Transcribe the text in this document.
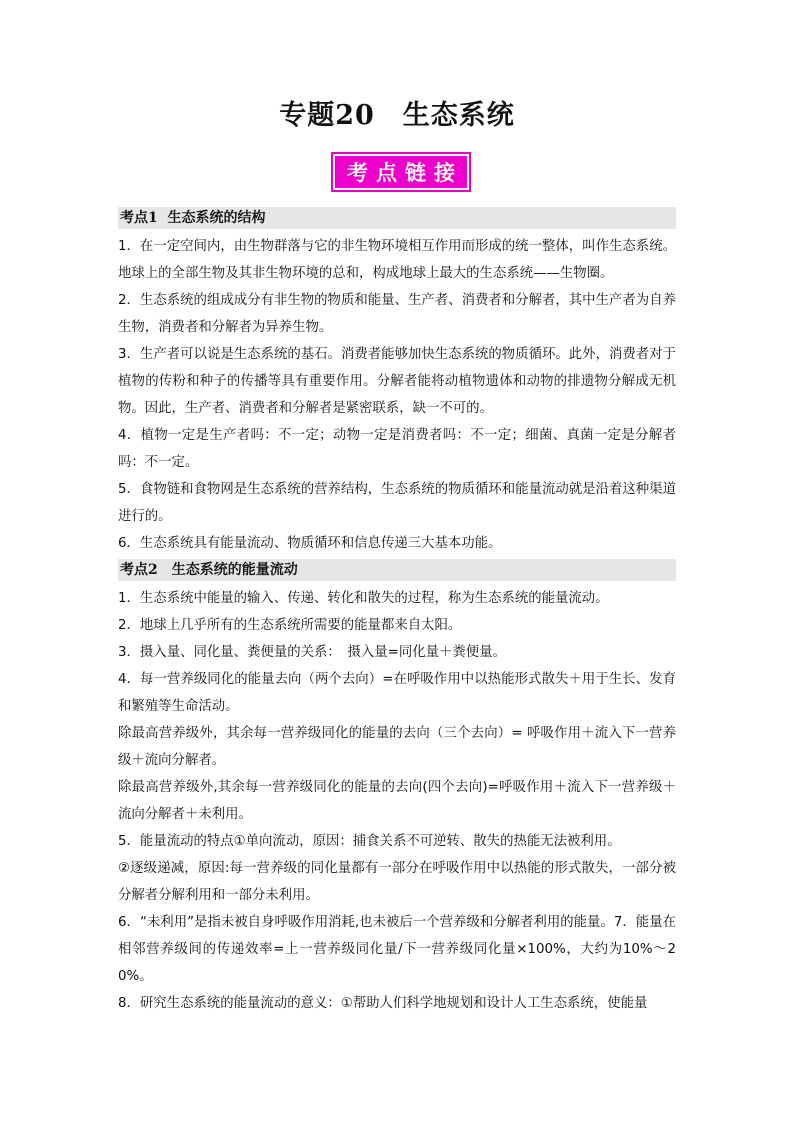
专题20　生态系统
考点链接
考点1  生态系统的结构
1．在一定空间内，由生物群落与它的非生物环境相互作用而形成的统一整体，叫作生态系统。地球上的全部生物及其非生物环境的总和，构成地球上最大的生态系统——生物圈。
2．生态系统的组成成分有非生物的物质和能量、生产者、消费者和分解者，其中生产者为自养生物，消费者和分解者为异养生物。
3．生产者可以说是生态系统的基石。消费者能够加快生态系统的物质循环。此外，消费者对于植物的传粉和种子的传播等具有重要作用。分解者能将动植物遗体和动物的排遗物分解成无机物。因此，生产者、消费者和分解者是紧密联系，缺一不可的。
4．植物一定是生产者吗：不一定；动物一定是消费者吗：不一定；细菌、真菌一定是分解者吗：不一定。
5．食物链和食物网是生态系统的营养结构，生态系统的物质循环和能量流动就是沿着这种渠道进行的。
6．生态系统具有能量流动、物质循环和信息传递三大基本功能。
考点2　生态系统的能量流动
1．生态系统中能量的输入、传递、转化和散失的过程，称为生态系统的能量流动。
2．地球上几乎所有的生态系统所需要的能量都来自太阳。
3．摄入量、同化量、粪便量的关系：　摄入量=同化量＋粪便量。
4．每一营养级同化的能量去向（两个去向）=在呼吸作用中以热能形式散失＋用于生长、发育和繁殖等生命活动。
除最高营养级外，其余每一营养级同化的能量的去向（三个去向）= 呼吸作用＋流入下一营养级＋流向分解者。
除最高营养级外,其余每一营养级同化的能量的去向(四个去向)=呼吸作用＋流入下一营养级＋流向分解者＋未利用。
5．能量流动的特点①单向流动，原因：捕食关系不可逆转、散失的热能无法被利用。
②逐级递减，原因:每一营养级的同化量都有一部分在呼吸作用中以热能的形式散失，一部分被分解者分解利用和一部分未利用。
6．“未利用”是指未被自身呼吸作用消耗,也未被后一个营养级和分解者利用的能量。7．能量在相邻营养级间的传递效率=上一营养级同化量/下一营养级同化量×100%，大约为10%～20%。
8．研究生态系统的能量流动的意义：①帮助人们科学地规划和设计人工生态系统，使能量
